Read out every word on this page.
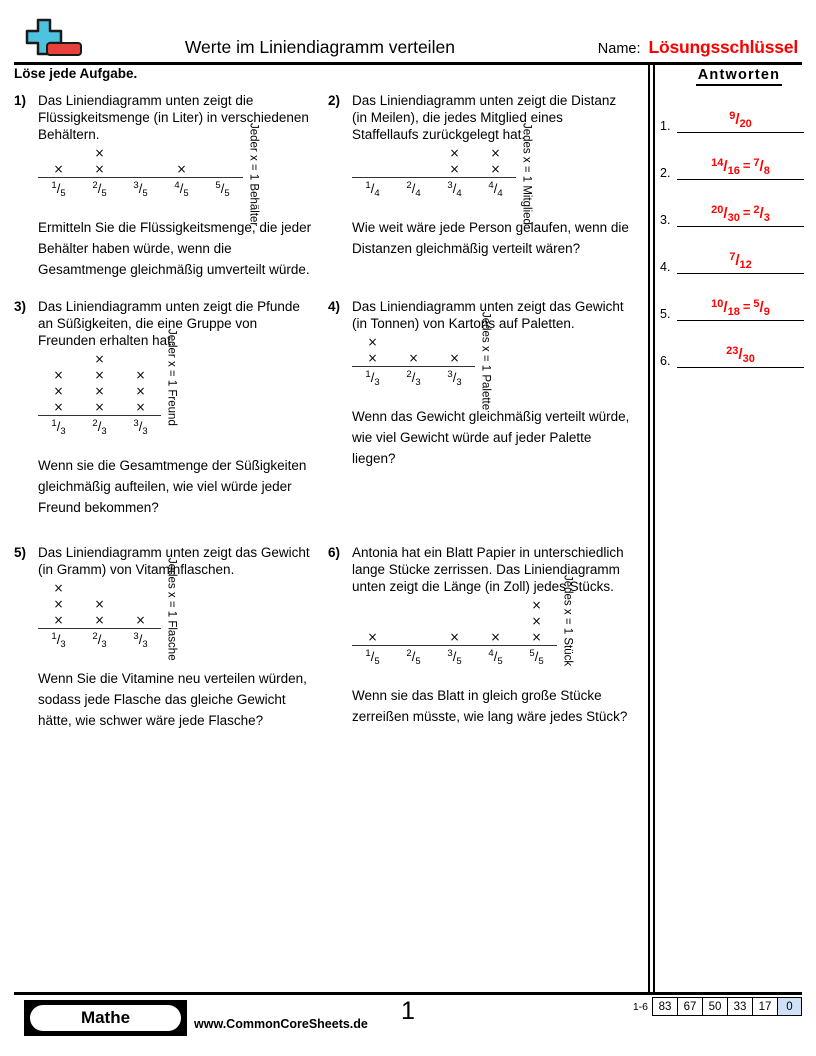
Werte im Liniendiagramm verteilen	Name: Lösungsschlüssel
Löse jede Aufgabe.	Antworten
1.
$^9/_{20}$
2.
$^{14}/_{16} = ^7/_8$
3.
$^{20}/_{30} = ^2/_3$
4.
$^7/_{12}$
5.
$^{10}/_{18} = ^5/_9$
6.
$^{23}/_{30}$
1) Das Liniendiagramm unten zeigt die Flüssigkeitsmenge (in Liter) in verschiedenen Behältern.
×
×
×	×
$^1/_5$
$^2/_5$
$^3/_5$
$^4/_5$
$^5/_5$	Jeder x = 1 Behälter
Ermitteln Sie die Flüssigkeitsmenge, die jeder Behälter haben würde, wenn die Gesamtmenge gleichmäßig umverteilt würde.
2) Das Liniendiagramm unten zeigt die Distanz (in Meilen), die jedes Mitglied eines Staffellaufs zurückgelegt hat.
×
×
×
×
$^1/_4$
$^2/_4$
$^3/_4$
$^4/_4$	Jedes x = 1 Mitglied
Wie weit wäre jede Person gelaufen, wenn die Distanzen gleichmäßig verteilt wären?
3) Das Liniendiagramm unten zeigt die Pfunde an Süßigkeiten, die eine Gruppe von Freunden erhalten hat.
×
×
×
×
×
×
×
×
×
×
$^1/_3$
$^2/_3$
$^3/_3$
Jeder x = 1 Freund
Wenn sie die Gesamtmenge der Süßigkeiten gleichmäßig aufteilen, wie viel würde jeder Freund bekommen?
4) Das Liniendiagramm unten zeigt das Gewicht (in Tonnen) von Kartons auf Paletten.
×
×	×	×
$^1/_3$
$^2/_3$
$^3/_3$	Jedes x = 1 Palette
Wenn das Gewicht gleichmäßig verteilt würde, wie viel Gewicht würde auf jeder Palette liegen?
5) Das Liniendiagramm unten zeigt das Gewicht (in Gramm) von Vitaminflaschen.
×
×
×
×
×	×
$^1/_3$
$^2/_3$
$^3/_3$	Jedes x = 1 Flasche
Wenn Sie die Vitamine neu verteilen würden, sodass jede Flasche das gleiche Gewicht hätte, wie schwer wäre jede Flasche?
6) Antonia hat ein Blatt Papier in unterschiedlich lange Stücke zerrissen. Das Liniendiagramm unten zeigt die Länge (in Zoll) jedes Stücks.
×	×	×
×
×
×
$^1/_5$
$^2/_5$
$^3/_5$
$^4/_5$
$^5/_5$	Jedes x = 1 Stück
Wenn sie das Blatt in gleich große Stücke zerreißen müsste, wie lang wäre jedes Stück?
Mathe	www.CommonCoreSheets.de	1	1-6 83	67	50	33	17	0
